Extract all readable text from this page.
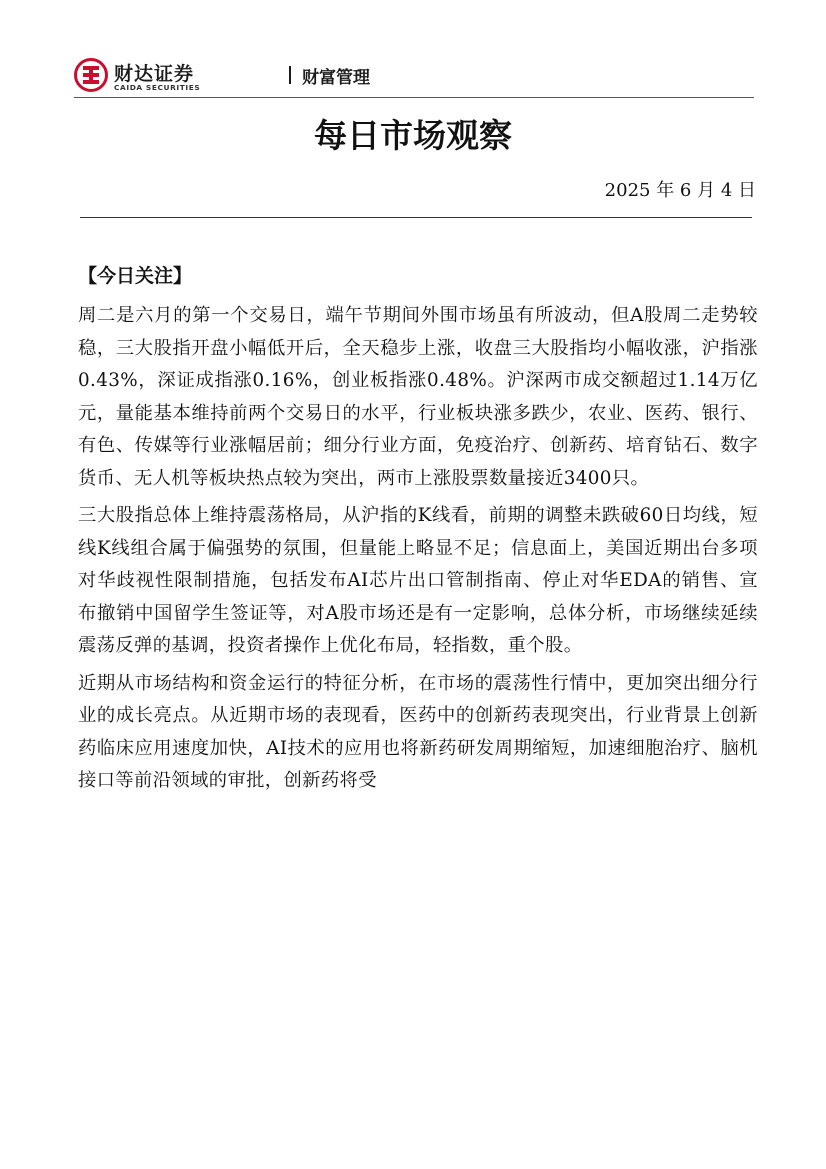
财达证券
CAIDA SECURITIES	财富管理
每日市场观察
2025 年 6 月 4 日
【今日关注】

周二是六月的第一个交易日，端午节期间外围市场虽有所波动，但A股周二走势较稳，三大股指开盘小幅低开后，全天稳步上涨，收盘三大股指均小幅收涨，沪指涨0.43%，深证成指涨0.16%，创业板指涨0.48%。沪深两市成交额超过1.14万亿元，量能基本维持前两个交易日的水平，行业板块涨多跌少，农业、医药、银行、有色、传媒等行业涨幅居前；细分行业方面，免疫治疗、创新药、培育钻石、数字货币、无人机等板块热点较为突出，两市上涨股票数量接近3400只。

三大股指总体上维持震荡格局，从沪指的K线看，前期的调整未跌破60日均线，短线K线组合属于偏强势的氛围，但量能上略显不足；信息面上，美国近期出台多项对华歧视性限制措施，包括发布AI芯片出口管制指南、停止对华EDA的销售、宣布撤销中国留学生签证等，对A股市场还是有一定影响，总体分析，市场继续延续震荡反弹的基调，投资者操作上优化布局，轻指数，重个股。

近期从市场结构和资金运行的特征分析，在市场的震荡性行情中，更加突出细分行业的成长亮点。从近期市场的表现看，医药中的创新药表现突出，行业背景上创新药临床应用速度加快，AI技术的应用也将新药研发周期缩短，加速细胞治疗、脑机接口等前沿领域的审批，创新药将受
